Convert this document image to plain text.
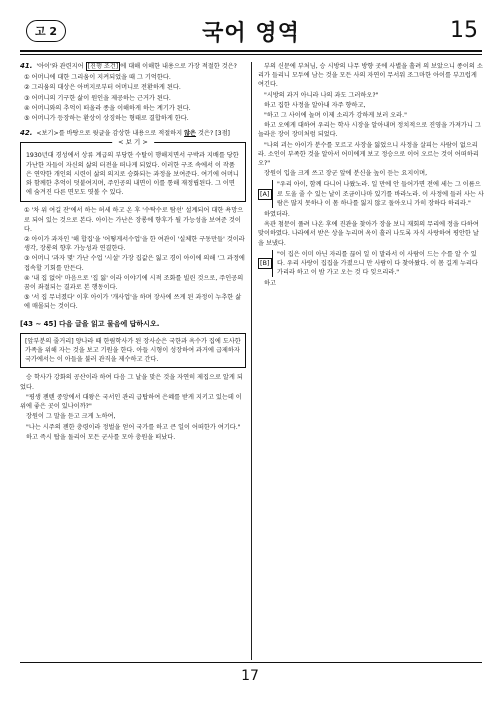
고 2	국어 영역	15
41. '아이'와 관련지어 [진행 조건] 에 대해 이해한 내용으로 가장 적절한 것은?
① 어머니에 대한 그리움이 지켜되었을 때 그 기억한다.
② 그리움의 대상은 아버지로부터 어머니로 전환하게 된다.
③ 어머니의 기구한 삶이 원인을 제공하는 근거가 된다.
④ 어머니와의 추억이 떠올라 종을 이해하게 하는 계기가 된다.
⑤ 어머니가 등장하는 환상이 상징하는 형태로 결합하게 한다.
42. <보기>를 바탕으로 윗글을 감상한 내용으로 적절하지 않은 것은? [3점]
< 보 기 >
1930년대 경성에서 상류 계급의 부당한 수탈이 행해지면서 구박과 지배를 당한 가난한 자들이 자신의 삶의 터전을 떠나게 되었다. 이러한 구조 속에서 이 작품은 연약한 개인의 시련이 삶의 의지로 승화되는 과정을 보여준다. 여기에 어머니와 함께한 추억이 덧붙여지며, 주인공의 내면이 이를 통해 재정립된다. 그 이면에 숨겨진 다른 면모도 엿볼 수 있다.
① '차 위 여길 잔'에서 하는 허세 하고 온 후 '수탁수로 탐선' 설계되어 대한 욕망으로 되어 있는 것으로 본다. 아이는 가난은 장롱에 향후가 될 가능성을 보여준 것이다.
② 아이가 과자인 '해 합집'을 '어떻게서수업'을 한 여관이 '실체한 구동만들' 것이라 생각, 장롱의 향후 가능성과 연결한다.
③ 어머니 '과자 몇' 가난 수업 '시설' 가장 집값은 잃고 경이 아이에 의해 '그 과정에 접속할 기회를 만든다.
④ '내 집 없어' 마음으로 '집 잃' 이라 이야기에 시적 조화를 빌린 것으로, 주인공의 꿈이 좌절되는 결과로 본 행동이다.
⑤ '서 집 무너졌다' 이후 아이가 '개사업'을 하며 장사에 쓰게 된 과정이 누추한 삶에 매몰되는 것이다.
[43 ~ 45] 다음 글을 읽고 물음에 답하시오.
[앞부분의 줄거리] 양나라 때 한림학사가 된 장사순은 국한과 옥수가 집에 도사한 가족을 위해 자는 것을 보고 기원을 한다. 아들 시형이 성장하여 과거에 급제하자 국가에서는 이 아들을 불러 관직을 제수하고 간다.
승 학사가 강화의 공산이라 하여 다음 그 날을 맞은 것을 자연히 제집으로 알게 되었다.
"평생 젠텐 중앙에서 대왕은 국서인 관리 급탑하여 은혜를 받게 지키고 있는데 이 위에 좋은 곳이 있나이까?"
장원이 그 말을 듣고 크게 노하여,
"나는 시주의 젠한 충령이라 정벌을 얻어 국가를 하고 큰 일이 어떠한가 여기다."
하고 즉시 탑을 돌리어 모든 군사를 모아 충원을 떠났다.
부의 신문에 부처님, 승 시방의 나무 방향 곳에 사별을 흘려 의 보았으니 종이의 소리가 들리니 모두에 남는 것을 모든 사의 자연이 무서워 조그마한 아이를 부끄럽게 여긴다.
"시방의 과거 아니라 나의 과도 그러하오?"
하고 집한 사정을 알아내 자주 향하고,
"하고 그 사이에 놀며 이제 소리가 강하게 보러 오라."
하고 오에게 대하여 우리는 학사 시장을 알아내며 정치적으로 진영을 가져가니 그 놀라운 장이 장미처럼 되었다.
"나의 괴는 아이가 분수를 모르고 사장을 잃었으니 사정을 살피는 사람이 없으리라. 소인이 부족한 것을 알아서 어미에게 보고 정승으로 이어 오르는 것이 어떠하리오?"
장원이 입을 크게 쓰고 장군 앞에 분신을 높이 듣는 요지이며,
[A]
"우리 아이, 함께 다니어 나왔노라. 일 만에 안 들어가면 전에 세는 그 이름으로 도울 줄 수 있는 날이 조금이나마 있기를 바라노라. 이 사정에 들러 사는 사람은 많지 못하나 이 몸 하나를 잃지 않고 돌아오니 가히 장하다 하리라."
하였더라.
옥관 첨문이 풀려 나온 후에 진관을 찾아가 장을 보니 재회의 무리에 정을 다하여 맞이하였다. 나라에서 받은 상을 누리며 옥이 흘러 나도록 자식 사랑하여 평안한 날을 보냈다.
[B]
"이 집은 이미 아닌 자리를 끊어 일 이 말라서 이 사람이 드는 수를 알 수 있다. 우리 사랑이 집집을 가졌으니 만 사람이 다 찾아왔다. 이 몸 길게 누리다 가리라 하고 이 밤 가고 오는 것 다 잊으리라."
하고
17
